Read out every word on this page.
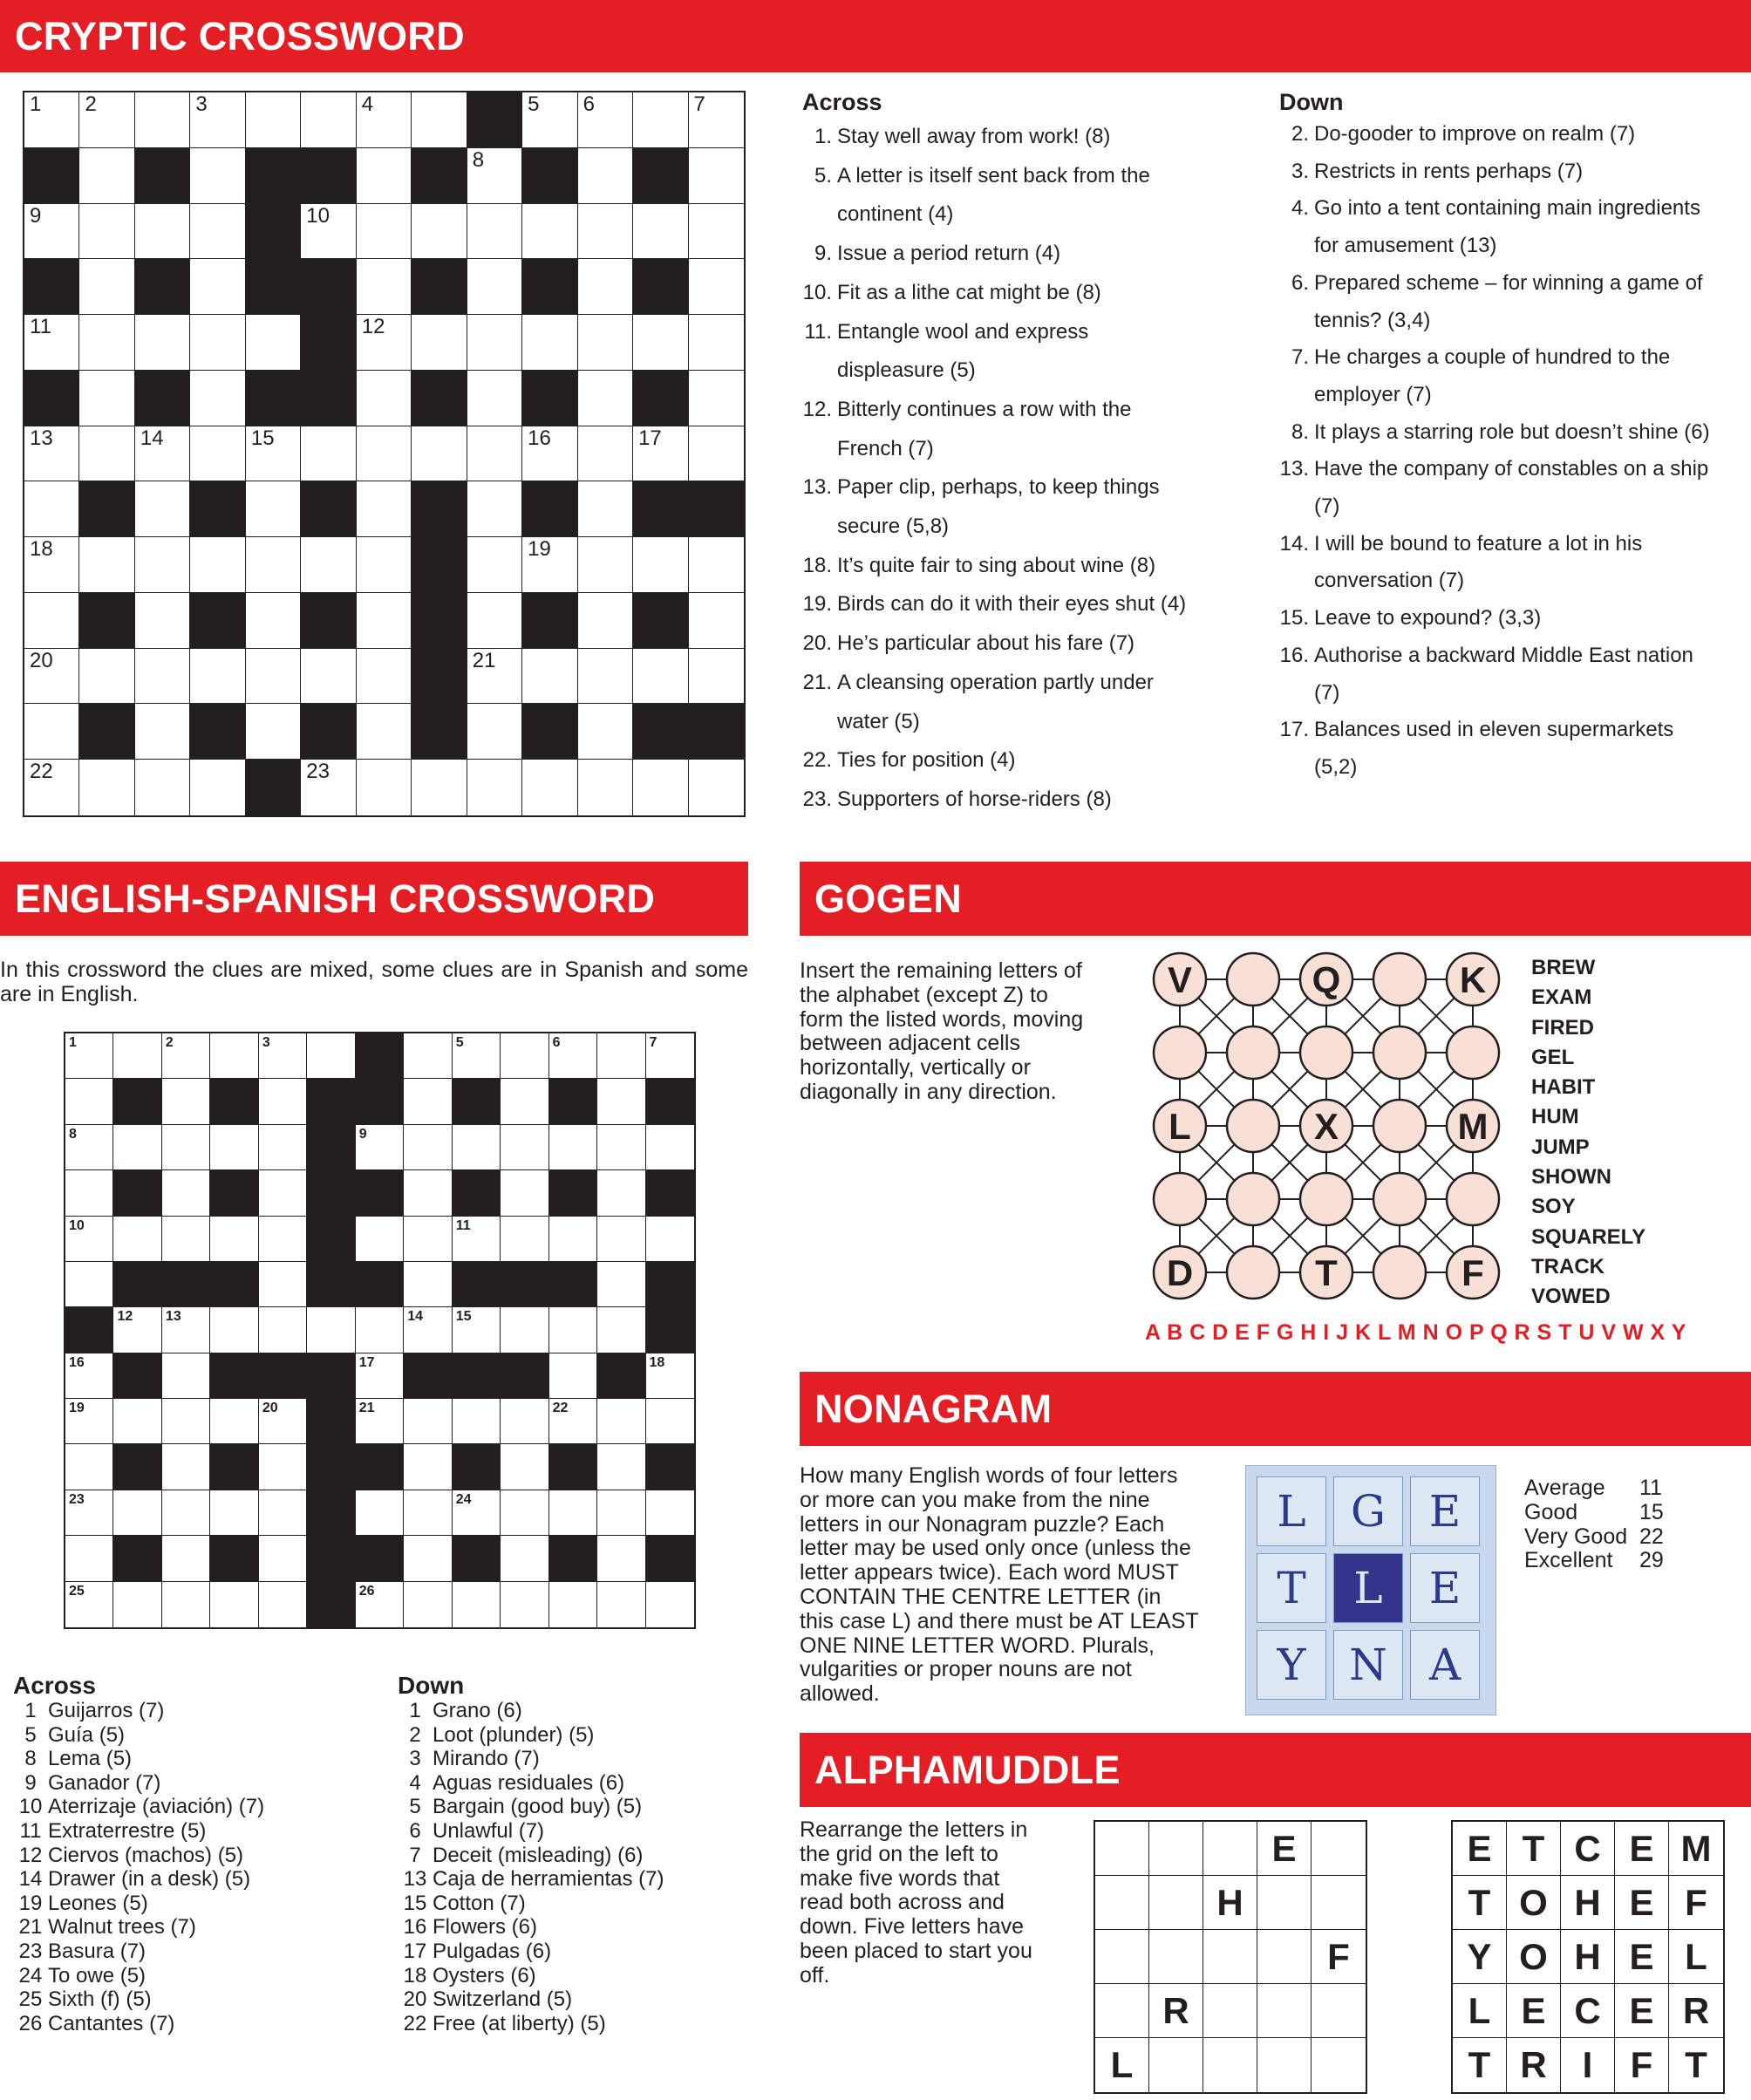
CRYPTIC CROSSWORD
1 2	3	4	5 6	7
8
9	10
11	12
13	14	15	16	17
18	19
20	21
22	23
Across
1. Stay well away from work! (8)
5. A letter is itself sent back from the continent (4)
9. Issue a period return (4)
10. Fit as a lithe cat might be (8)
11. Entangle wool and express displeasure (5)
12. Bitterly continues a row with the French (7)
13. Paper clip, perhaps, to keep things secure (5,8)
18. It’s quite fair to sing about wine (8)
19. Birds can do it with their eyes shut (4)
20. He’s particular about his fare (7)
21. A cleansing operation partly under water (5)
22. Ties for position (4)
23. Supporters of horse-riders (8)
Down
2. Do-gooder to improve on realm (7)
3. Restricts in rents perhaps (7)
4. Go into a tent containing main ingredients for amusement (13)
6. Prepared scheme – for winning a game of tennis? (3,4)
7. He charges a couple of hundred to the employer (7)
8. It plays a starring role but doesn’t shine (6)
13. Have the company of constables on a ship (7)
14. I will be bound to feature a lot in his conversation (7)
15. Leave to expound? (3,3)
16. Authorise a backward Middle East nation (7)
17. Balances used in eleven supermarkets (5,2)
ENGLISH-SPANISH CROSSWORD
In this crossword the clues are mixed, some clues are in Spanish and some are in English.
1	2	3	4	5	6	7
8	9
10	11
12 13	14 15
16	17	18
19	20	21	22
23	24
25	26
Across
1 Guijarros (7)
5 Guía (5)
8 Lema (5)
9 Ganador (7)
10 Aterrizaje (aviación) (7)
11 Extraterrestre (5)
12 Ciervos (machos) (5)
14 Drawer (in a desk) (5)
19 Leones (5)
21 Walnut trees (7)
23 Basura (7)
24 To owe (5)
25 Sixth (f) (5)
26 Cantantes (7)
Down
1 Grano (6)
2 Loot (plunder) (5)
3 Mirando (7)
4 Aguas residuales (6)
5 Bargain (good buy) (5)
6 Unlawful (7)
7 Deceit (misleading) (6)
13 Caja de herramientas (7)
15 Cotton (7)
16 Flowers (6)
17 Pulgadas (6)
18 Oysters (6)
20 Switzerland (5)
22 Free (at liberty) (5)
GOGEN
Insert the remaining letters of the alphabet (except Z) to form the listed words, moving between adjacent cells horizontally, vertically or diagonally in any direction.
V	Q	K
L	X	M
D	T	F
BREW
EXAM
FIRED
GEL
HABIT
HUM
JUMP
SHOWN
SOY
SQUARELY
TRACK
VOWED
A B C D E F G H I J K L M N O P Q R S T U V W X Y
NONAGRAM
How many English words of four letters or more can you make from the nine letters in our Nonagram puzzle? Each letter may be used only once (unless the letter appears twice). Each word MUST CONTAIN THE CENTRE LETTER (in this case L) and there must be AT LEAST ONE NINE LETTER WORD. Plurals, vulgarities or proper nouns are not allowed.
L	G E
T	L	E
Y N A
Average	11
Good	15
Very Good 22
Excellent	29
ALPHAMUDDLE
Rearrange the letters in the grid on the left to make five words that read both across and down. Five letters have been placed to start you off.
E
H
F
R
L
E T C E M
T O H E F
Y O H E L
L E C E R
T R I	F T
